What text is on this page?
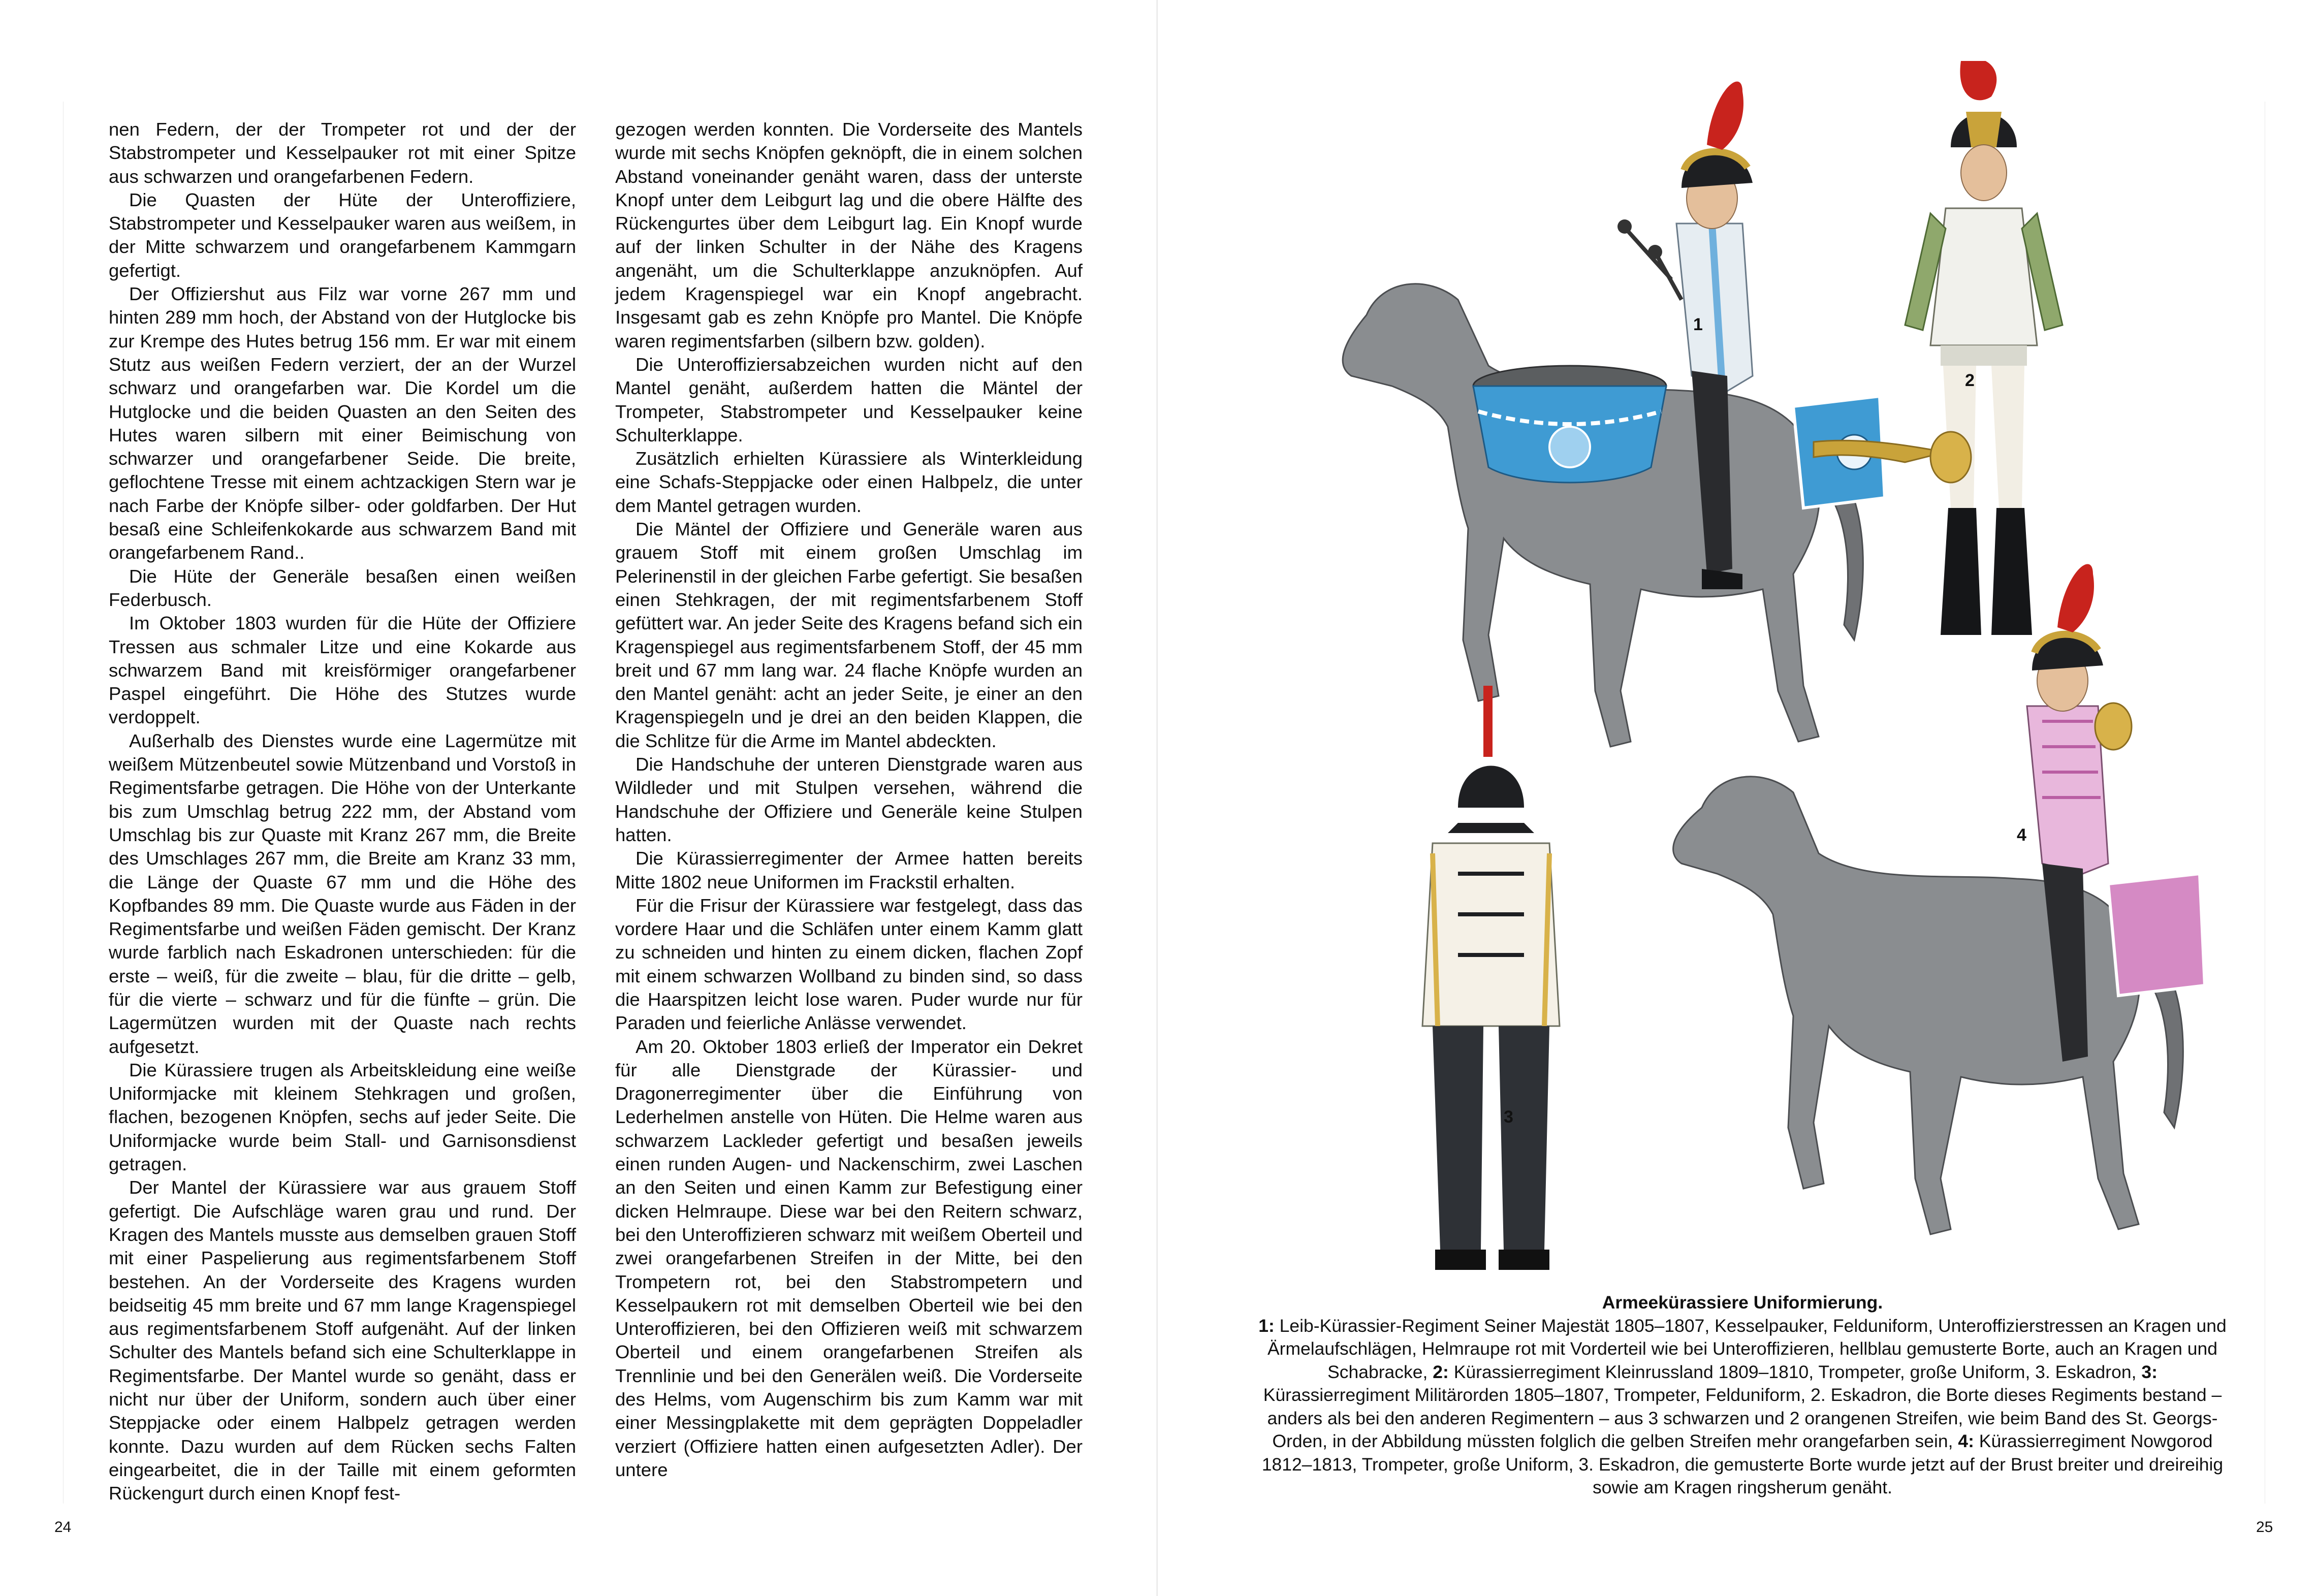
nen Federn, der der Trompeter rot und der der Stabstrompeter und Kesselpauker rot mit einer Spitze aus schwarzen und orangefarbenen Federn.

Die Quasten der Hüte der Unteroffiziere, Stabstrompeter und Kesselpauker waren aus weißem, in der Mitte schwarzem und orangefarbenem Kammgarn gefertigt.

Der Offiziershut aus Filz war vorne 267 mm und hinten 289 mm hoch, der Abstand von der Hutglocke bis zur Krempe des Hutes betrug 156 mm. Er war mit einem Stutz aus weißen Federn verziert, der an der Wurzel schwarz und orangefarben war. Die Kordel um die Hutglocke und die beiden Quasten an den Seiten des Hutes waren silbern mit einer Beimischung von schwarzer und orangefarbener Seide. Die breite, geflochtene Tresse mit einem achtzackigen Stern war je nach Farbe der Knöpfe silber- oder goldfarben. Der Hut besaß eine Schleifenkokarde aus schwarzem Band mit orangefarbenem Rand..

Die Hüte der Generäle besaßen einen weißen Federbusch.

Im Oktober 1803 wurden für die Hüte der Offiziere Tressen aus schmaler Litze und eine Kokarde aus schwarzem Band mit kreisförmiger orangefarbener Paspel eingeführt. Die Höhe des Stutzes wurde verdoppelt.

Außerhalb des Dienstes wurde eine Lagermütze mit weißem Mützenbeutel sowie Mützenband und Vorstoß in Regimentsfarbe getragen. Die Höhe von der Unterkante bis zum Umschlag betrug 222 mm, der Abstand vom Umschlag bis zur Quaste mit Kranz 267 mm, die Breite des Umschlages 267 mm, die Breite am Kranz 33 mm, die Länge der Quaste 67 mm und die Höhe des Kopfbandes 89 mm. Die Quaste wurde aus Fäden in der Regimentsfarbe und weißen Fäden gemischt. Der Kranz wurde farblich nach Eskadronen unterschieden: für die erste – weiß, für die zweite – blau, für die dritte – gelb, für die vierte – schwarz und für die fünfte – grün. Die Lagermützen wurden mit der Quaste nach rechts aufgesetzt.

Die Kürassiere trugen als Arbeitskleidung eine weiße Uniformjacke mit kleinem Stehkragen und großen, flachen, bezogenen Knöpfen, sechs auf jeder Seite. Die Uniformjacke wurde beim Stall- und Garnisonsdienst getragen.

Der Mantel der Kürassiere war aus grauem Stoff gefertigt. Die Aufschläge waren grau und rund. Der Kragen des Mantels musste aus demselben grauen Stoff mit einer Paspelierung aus regimentsfarbenem Stoff bestehen. An der Vorderseite des Kragens wurden beidseitig 45 mm breite und 67 mm lange Kragenspiegel aus regimentsfarbenem Stoff aufgenäht. Auf der linken Schulter des Mantels befand sich eine Schulterklappe in Regimentsfarbe. Der Mantel wurde so genäht, dass er nicht nur über der Uniform, sondern auch über einer Steppjacke oder einem Halbpelz getragen werden konnte. Dazu wurden auf dem Rücken sechs Falten eingearbeitet, die in der Taille mit einem geformten Rückengurt durch einen Knopf fest-

gezogen werden konnten. Die Vorderseite des Mantels wurde mit sechs Knöpfen geknöpft, die in einem solchen Abstand voneinander genäht waren, dass der unterste Knopf unter dem Leibgurt lag und die obere Hälfte des Rückengurtes über dem Leibgurt lag. Ein Knopf wurde auf der linken Schulter in der Nähe des Kragens angenäht, um die Schulterklappe anzuknöpfen. Auf jedem Kragenspiegel war ein Knopf angebracht. Insgesamt gab es zehn Knöpfe pro Mantel. Die Knöpfe waren regimentsfarben (silbern bzw. golden).

Die Unteroffiziersabzeichen wurden nicht auf den Mantel genäht, außerdem hatten die Mäntel der Trompeter, Stabstrompeter und Kesselpauker keine Schulterklappe.

Zusätzlich erhielten Kürassiere als Winterkleidung eine Schafs-Steppjacke oder einen Halbpelz, die unter dem Mantel getragen wurden.

Die Mäntel der Offiziere und Generäle waren aus grauem Stoff mit einem großen Umschlag im Pelerinenstil in der gleichen Farbe gefertigt. Sie besaßen einen Stehkragen, der mit regimentsfarbenem Stoff gefüttert war. An jeder Seite des Kragens befand sich ein Kragenspiegel aus regimentsfarbenem Stoff, der 45 mm breit und 67 mm lang war. 24 flache Knöpfe wurden an den Mantel genäht: acht an jeder Seite, je einer an den Kragenspiegeln und je drei an den beiden Klappen, die die Schlitze für die Arme im Mantel abdeckten.

Die Handschuhe der unteren Dienstgrade waren aus Wildleder und mit Stulpen versehen, während die Handschuhe der Offiziere und Generäle keine Stulpen hatten.

Die Kürassierregimenter der Armee hatten bereits Mitte 1802 neue Uniformen im Frackstil erhalten.

Für die Frisur der Kürassiere war festgelegt, dass das vordere Haar und die Schläfen unter einem Kamm glatt zu schneiden und hinten zu einem dicken, flachen Zopf mit einem schwarzen Wollband zu binden sind, so dass die Haarspitzen leicht lose waren. Puder wurde nur für Paraden und feierliche Anlässe verwendet.

Am 20. Oktober 1803 erließ der Imperator ein Dekret für alle Dienstgrade der Kürassier- und Dragonerregimenter über die Einführung von Lederhelmen anstelle von Hüten. Die Helme waren aus schwarzem Lackleder gefertigt und besaßen jeweils einen runden Augen- und Nackenschirm, zwei Laschen an den Seiten und einen Kamm zur Befestigung einer dicken Helmraupe. Diese war bei den Reitern schwarz, bei den Unteroffizieren schwarz mit weißem Oberteil und zwei orangefarbenen Streifen in der Mitte, bei den Trompetern rot, bei den Stabstrompetern und Kesselpaukern rot mit demselben Oberteil wie bei den Unteroffizieren, bei den Offizieren weiß mit schwarzem Oberteil und einem orangefarbenen Streifen als Trennlinie und bei den Generälen weiß. Die Vorderseite des Helms, vom Augenschirm bis zum Kamm war mit einer Messingplakette mit dem geprägten Doppeladler verziert (Offiziere hatten einen aufgesetzten Adler). Der untere

24	25
1
2
3
4
Armeekürassiere Uniformierung.
1: Leib-Kürassier-Regiment Seiner Majestät 1805–1807, Kesselpauker, Felduniform, Unteroffizierstressen an Kragen und Ärmelaufschlägen, Helmraupe rot mit Vorderteil wie bei Unteroffizieren, hellblau gemusterte Borte, auch an Kragen und Schabracke, 2: Kürassierregiment Kleinrussland 1809–1810, Trompeter, große Uniform, 3. Eskadron, 3: Kürassierregiment Militärorden 1805–1807, Trompeter, Felduniform, 2. Eskadron, die Borte dieses Regiments bestand – anders als bei den anderen Regimentern – aus 3 schwarzen und 2 orangenen Streifen, wie beim Band des St. Georgs-Orden, in der Abbildung müssten folglich die gelben Streifen mehr orangefarben sein, 4: Kürassierregiment Nowgorod 1812–1813, Trompeter, große Uniform, 3. Eskadron, die gemusterte Borte wurde jetzt auf der Brust breiter und dreireihig sowie am Kragen ringsherum genäht.
